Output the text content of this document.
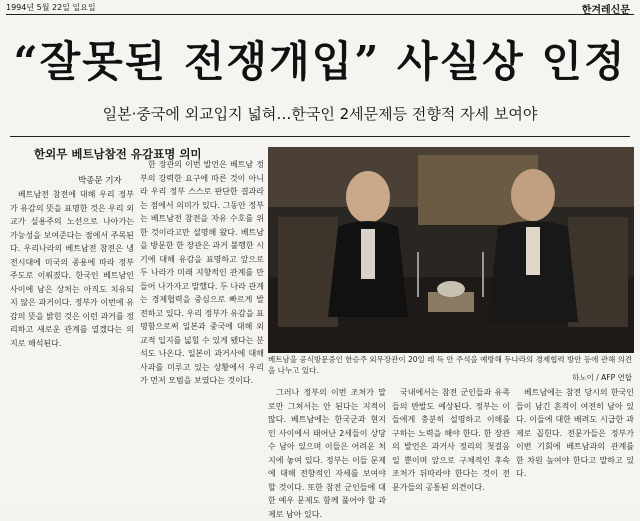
1994년 5월 22일 일요일	한겨레신문
“잘못된 전쟁개입” 사실상 인정
일본·중국에 외교입지 넓혀…한국인 2세문제등 전향적 자세 보여야
한외무 베트남참전 유감표명 의미
박종문 기자

베트남전 참전에 대해 우리 정부가 유감의 뜻을 표명한 것은 우리 외교가 실용주의 노선으로 나아가는 가능성을 보여준다는 점에서 주목된다. 우리나라의 베트남전 참전은 냉전시대에 미국의 종용에 따라 정부 주도로 이뤄졌다. 한국인 베트남인 사이에 남은 상처는 아직도 치유되지 않은 과거이다. 정부가 이번에 유감의 뜻을 밝힌 것은 이런 과거를 정리하고 새로운 관계를 열겠다는 의지로 해석된다.

한 장관의 이번 발언은 베트남 정부의 강력한 요구에 따른 것이 아니라 우리 정부 스스로 판단한 결과라는 점에서 의미가 있다. 그동안 정부는 베트남전 참전을 자유 수호를 위한 것이라고만 설명해 왔다. 베트남을 방문한 한 장관은 과거 불행한 시기에 대해 유감을 표명하고 앞으로 두 나라가 미래 지향적인 관계를 만들어 나가자고 말했다. 두 나라 관계는 경제협력을 중심으로 빠르게 발전하고 있다. 우리 정부가 유감을 표명함으로써 일본과 중국에 대해 외교적 입지를 넓힐 수 있게 됐다는 분석도 나온다. 일본이 과거사에 대해 사과를 미루고 있는 상황에서 우리가 먼저 모범을 보였다는 것이다.

베트남을 공식방문중인 한승주 외무장관이 20일 레 득 안 주석을 예방해 두나라의 경제협력 방안 등에 관해 의견을 나누고 있다.
하노이 / AFP 연합

그러나 정부의 이번 조처가 말로만 그쳐서는 안 된다는 지적이 많다. 베트남에는 한국군과 현지인 사이에서 태어난 2세들이 상당수 남아 있으며 이들은 어려운 처지에 놓여 있다. 정부는 이들 문제에 대해 전향적인 자세를 보여야 할 것이다. 또한 참전 군인들에 대한 예우 문제도 함께 풀어야 할 과제로 남아 있다.

국내에서는 참전 군인들과 유족들의 반발도 예상된다. 정부는 이들에게 충분히 설명하고 이해를 구하는 노력을 해야 한다. 한 장관의 발언은 과거사 정리의 첫걸음일 뿐이며 앞으로 구체적인 후속 조처가 뒤따라야 한다는 것이 전문가들의 공통된 의견이다.

베트남에는 참전 당시의 한국인들이 남긴 흔적이 여전히 남아 있다. 이들에 대한 배려도 시급한 과제로 꼽힌다. 전문가들은 정부가 이번 기회에 베트남과의 관계를 한 차원 높여야 한다고 말하고 있다.
